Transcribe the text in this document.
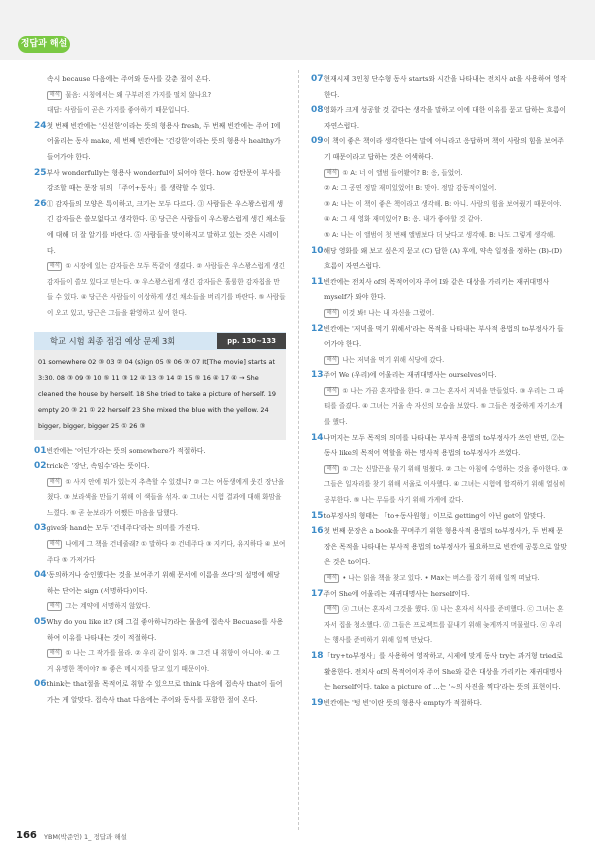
정답과 해설
속시 because 다음에는 주어와 동사를 갖춘 절이 온다.
해석 물음: 시칭에서는 왜 구부러진 가지를 떨치 않나요?
대답: 사람들이 곧은 가지를 좋아하기 때문입니다.
24첫 번째 빈칸에는 '신선한'이라는 뜻의 형용사 fresh, 두 번째 빈칸에는 주어 I에 어울리는 동사 make, 세 번째 빈칸에는 '건강한'이라는 뜻의 형용사 healthy가 들어가야 한다.
25부사 wonderfully는 형용사 wonderful이 되어야 한다. how 감탄문이 부사를 강조할 때는 문장 뒤의 「주어+동사」를 생략할 수 있다.
26① 감자들의 모양은 특이하고, 크기는 모두 다르다. ③ 사람들은 우스꽝스럽게 생긴 감자들은 쓸모없다고 생각한다. ④ 당근은 사람들이 우스꽝스럽게 생긴 채소들에 대해 더 잘 알기를 바란다. ⑤ 사람들을 맞이하지고 말하고 있는 것은 시레이다.
해석 ① 시장에 있는 감자들은 모두 똑같이 생겼다. ② 사람들은 우스꽝스럽게 생긴 감자들이 쓸모 있다고 믿는다. ③ 우스꽝스럽게 생긴 감자들은 훌륭한 감자칩을 만들 수 있다. ④ 당근은 사람들이 이상하게 생긴 채소들을 버리기를 바란다. ⑤ 사람들이 오고 있고, 당근은 그들을 환영하고 싶어 한다.
학교 시험 최종 점검 예상 문제 3회	pp. 130~133
01 somewhere 02 ③ 03 ② 04 (s)ign 05 ⑤ 06 ③ 07 It[The movie] starts at 3:30. 08 ③ 09 ③ 10 ⑤ 11 ③ 12 ④ 13 ③ 14 ② 15 ⑤ 16 ④ 17 ④ → She cleaned the house by herself. 18 She tried to take a picture of herself. 19 empty 20 ③ 21 ① 22 herself 23 She mixed the blue with the yellow. 24 bigger, bigger, bigger 25 ① 26 ③
01빈칸에는 '어딘가'라는 뜻의 somewhere가 적절하다.
02trick은 '장난, 속임수'라는 뜻이다.
해석 ① 사지 안에 뭐가 있는지 추측할 수 있겠니? ② 그는 여동생에게 웃긴 장난을 쳤다. ③ 보라색을 만들기 위해 이 색들을 섞자. ④ 그녀는 시험 결과에 대해 화맘을 느꼈다. ⑤ 곧 눈보라가 어쨌든 마음을 답했다.
03give와 hand는 모두 '건네주다'라는 의미를 가진다.
해석 나에게 그 책을 건네줄래? ① 말하다 ② 건네주다 ③ 지키다, 유지하다 ④ 보여주다 ⑤ 가져가다
04'동의하거나 승인했다는 것을 보여주기 위해 문서에 이름을 쓰다'의 설명에 해당하는 단어는 sign (서명하다)이다.
해석 그는 계약에 서명하지 않았다.
05Why do you like it? (왜 그걸 좋아하니?)라는 물음에 접속사 Becuase를 사용하여 이유를 나타내는 것이 적절하다.
해석 ① 나는 그 작가를 몰라. ② 우리 같이 읽자. ③ 그건 내 취향이 아니야. ④ 그거 유명한 책이야? ⑤ 좋은 메시지를 담고 있기 때문이야.
06think는 that절을 목적어로 취할 수 있으므로 think 다음에 접속사 that이 들어가는 게 알맞다. 접속사 that 다음에는 주어와 동사를 포함한 절이 온다.
07현재시제 3인칭 단수형 동사 starts와 시간을 나타내는 전치사 at을 사용하여 영작한다.
08영화가 크게 성공할 것 같다는 생각을 말하고 이에 대한 이유를 묻고 답하는 흐름이 자연스럽다.
09이 책이 좋은 책이라 생각한다는 말에 아니라고 응답하며 책이 사람의 힘을 보여주기 때문이라고 답하는 것은 어색하다.
해석 ① A: 너 이 앨범 들어봤어? B: 응, 들었어.
② A: 그 공연 정말 재미있었어! B: 맞아. 정말 감동적이었어.
③ A: 나는 이 책이 좋은 책이라고 생각해. B: 아니. 사람의 힘을 보여줬기 때문이야.
④ A: 그 새 영화 재미있어? B: 응. 내가 좋아할 것 같아.
⑤ A: 나는 이 앨범이 첫 번째 앨범보다 더 낫다고 생각해. B: 나도 그렇게 생각해.
10해당 영화를 왜 보고 싶은지 묻고 (C) 답한 (A) 후에, 약속 일정을 정하는 (B)-(D) 흐름이 자연스럽다.
11빈칸에는 전치사 of의 목적어이자 주어 I와 같은 대상을 가리키는 재귀대명사 myself가 와야 한다.
해석 이것 봐! 나는 내 자신을 그렸어.
12빈칸에는 '저녁을 먹기 위해서'라는 목적을 나타내는 부사적 용법의 to부정사가 들어가야 한다.
해석 나는 저녁을 먹기 위해 식당에 갔다.
13주어 We (우리)에 어울리는 재귀대명사는 ourselves이다.
해석 ① 나는 가끔 혼자밥을 한다. ② 그는 혼자서 저녁을 만들었다. ③ 우리는 그 파티를 즐겼다. ④ 그녀는 거울 속 자신의 모습을 보았다. ⑤ 그들은 정중하게 자기소개를 했다.
14나머지는 모두 목적의 의미를 나타내는 부사적 용법의 to부정사가 쓰인 반면, ②는 동사 like의 목적어 역할을 하는 명사적 용법의 to부정사가 쓰였다.
해석 ① 그는 신발끈을 묶기 위해 멈췄다. ② 그는 아침에 수영하는 것을 좋아한다. ③ 그들은 일자리를 찾기 위해 서울로 이사했다. ④ 그녀는 시험에 합격하기 위해 열심히 공부한다. ⑤ 나는 무듀를 사기 위해 가게에 갔다.
15to부정사의 형태는 「to+동사원형」이므로 getting이 아닌 get이 알맞다.
16첫 번째 문장은 a book을 꾸며주기 위한 형용사적 용법의 to부정사가, 두 번째 문장은 목적을 나타내는 부사적 용법의 to부정사가 필요하므로 빈칸에 공통으로 알맞은 것은 to이다.
해석 • 나는 읽을 책을 찾고 있다. • Max는 버스를 잡기 위해 일찍 떠났다.
17주어 She에 어울리는 재귀대명사는 herself이다.
해석 ⓐ 그녀는 혼자서 그것을 했다. ⓑ 나는 혼자서 식사를 준비했다. ⓒ 그녀는 혼자서 집을 청소했다. ⓓ 그들은 프로젝트를 끝내기 위해 늦게까지 머물렀다. ⓔ 우리는 행사를 준비하기 위해 일찍 만났다.
18「try+to부정사」를 사용하여 영작하고, 시제에 맞게 동사 try는 과거형 tried로 활용한다. 전치사 of의 목적어이자 주어 She와 같은 대상을 가리키는 재귀대명사는 herself이다. take a picture of …는 '~의 사진을 찍다'라는 뜻의 표현이다.
19빈칸에는 '텅 빈'이란 뜻의 형용사 empty가 적절하다.
166 YBM(박준언) 1_ 정답과 해설
